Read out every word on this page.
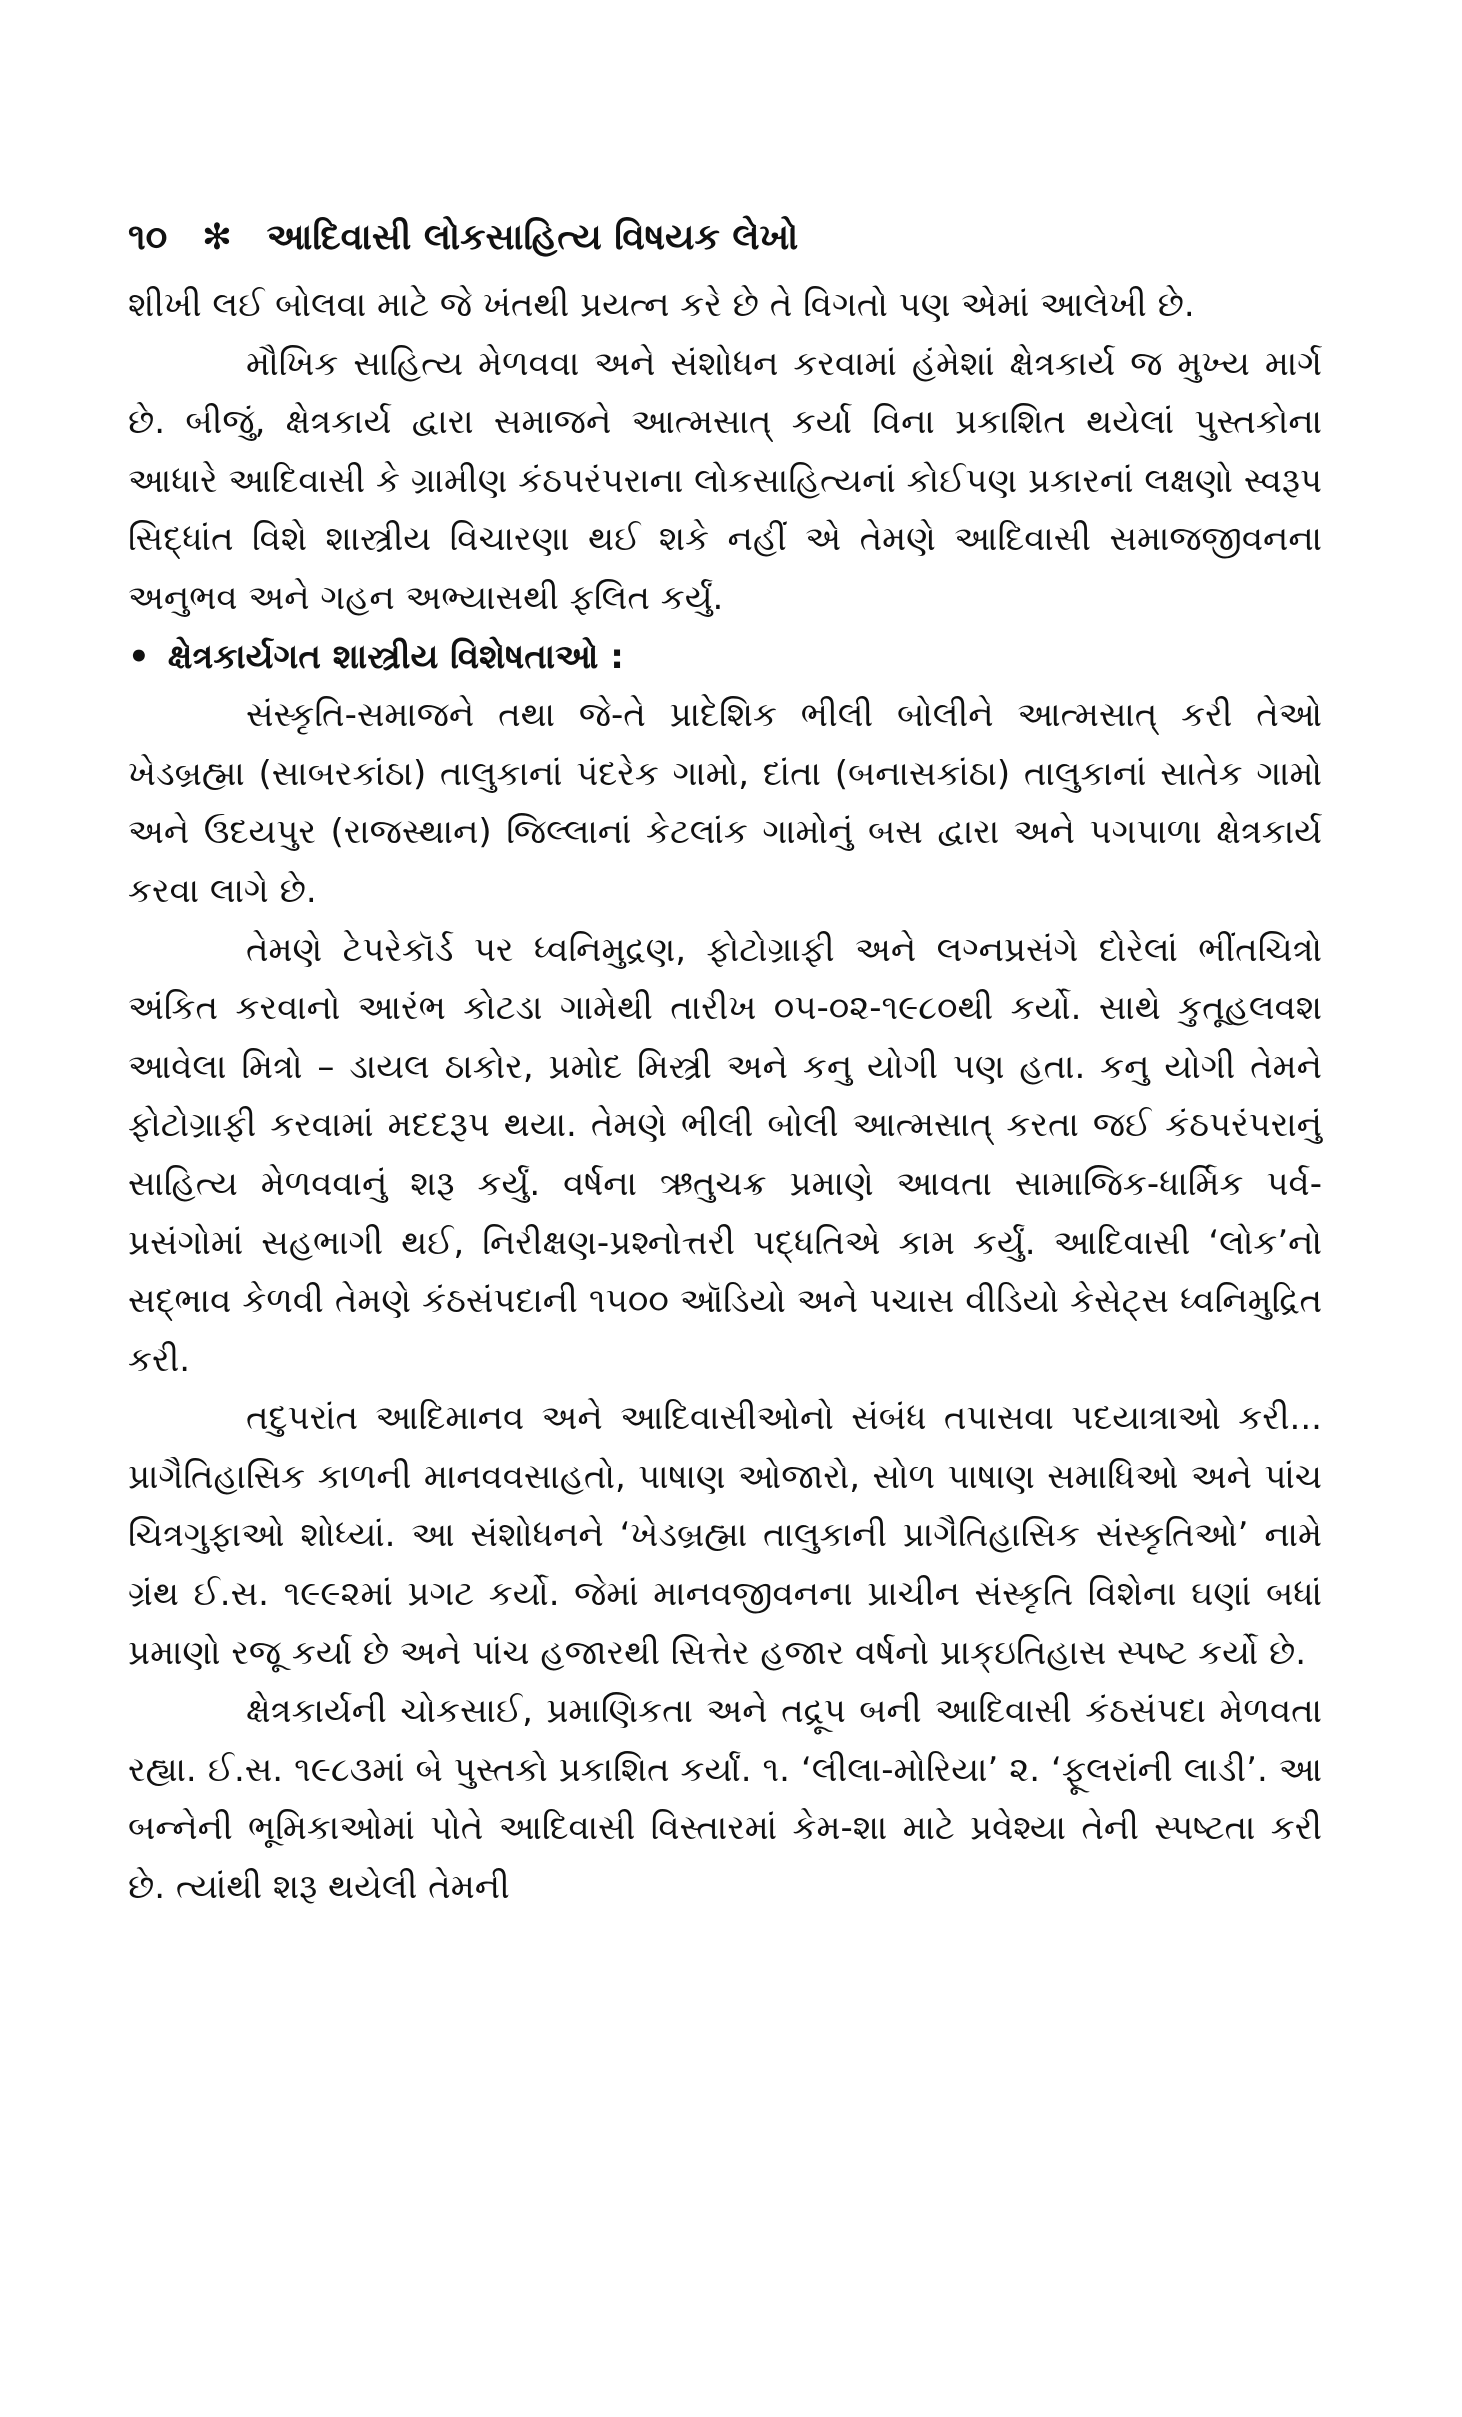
૧૦ ✻ આદિવાસી લોકસાહિત્ય વિષયક લેખો

શીખી લઈ બોલવા માટે જે ખંતથી પ્રયત્ન કરે છે તે વિગતો પણ એમાં આલેખી છે.

મૌખિક સાહિત્ય મેળવવા અને સંશોધન કરવામાં હંમેશાં ક્ષેત્રકાર્ય જ મુખ્ય માર્ગ છે. બીજું, ક્ષેત્રકાર્ય દ્વારા સમાજને આત્મસાત્ કર્યા વિના પ્રકાશિત થયેલાં પુસ્તકોના આધારે આદિવાસી કે ગ્રામીણ કંઠપરંપરાના લોકસાહિત્યનાં કોઈપણ પ્રકારનાં લક્ષણો સ્વરૂપ સિદ્ધાંત વિશે શાસ્ત્રીય વિચારણા થઈ શકે નહીં એ તેમણે આદિવાસી સમાજજીવનના અનુભવ અને ગહન અભ્યાસથી ફલિત કર્યું.

• ક્ષેત્રકાર્યગત શાસ્ત્રીય વિશેષતાઓ :

સંસ્કૃતિ-સમાજને તથા જે-તે પ્રાદેશિક ભીલી બોલીને આત્મસાત્ કરી તેઓ ખેડબ્રહ્મા (સાબરકાંઠા) તાલુકાનાં પંદરેક ગામો, દાંતા (બનાસકાંઠા) તાલુકાનાં સાતેક ગામો અને ઉદયપુર (રાજસ્થાન) જિલ્લાનાં કેટલાંક ગામોનું બસ દ્વારા અને પગપાળા ક્ષેત્રકાર્ય કરવા લાગે છે.

તેમણે ટેપરેકૉર્ડ પર ધ્વનિમુદ્રણ, ફોટોગ્રાફી અને લગ્નપ્રસંગે દોરેલાં ભીંતચિત્રો અંકિત કરવાનો આરંભ કોટડા ગામેથી તારીખ ૦૫-૦૨-૧૯૮૦થી કર્યો. સાથે કુતૂહલવશ આવેલા મિત્રો – ડાયલ ઠાકોર, પ્રમોદ મિસ્ત્રી અને કનુ યોગી પણ હતા. કનુ યોગી તેમને ફોટોગ્રાફી કરવામાં મદદરૂપ થયા. તેમણે ભીલી બોલી આત્મસાત્ કરતા જઈ કંઠપરંપરાનું સાહિત્ય મેળવવાનું શરૂ કર્યું. વર્ષના ઋતુચક્ર પ્રમાણે આવતા સામાજિક-ધાર્મિક પર્વ-પ્રસંગોમાં સહભાગી થઈ, નિરીક્ષણ-પ્રશ્નોત્તરી પદ્ધતિએ કામ કર્યું. આદિવાસી ‘લોક’નો સદ્ભાવ કેળવી તેમણે કંઠસંપદાની ૧૫૦૦ ઑડિયો અને પચાસ વીડિયો કેસેટ્સ ધ્વનિમુદ્રિત કરી.

તદુપરાંત આદિમાનવ અને આદિવાસીઓનો સંબંધ તપાસવા પદયાત્રાઓ કરી... પ્રાગૈતિહાસિક કાળની માનવવસાહતો, પાષાણ ઓજારો, સોળ પાષાણ સમાધિઓ અને પાંચ ચિત્રગુફાઓ શોધ્યાં. આ સંશોધનને ‘ખેડબ્રહ્મા તાલુકાની પ્રાગૈતિહાસિક સંસ્કૃતિઓ’ નામે ગ્રંથ ઈ.સ. ૧૯૯૨માં પ્રગટ કર્યો. જેમાં માનવજીવનના પ્રાચીન સંસ્કૃતિ વિશેના ઘણાં બધાં પ્રમાણો રજૂ કર્યા છે અને પાંચ હજારથી સિત્તેર હજાર વર્ષનો પ્રાક્ઇતિહાસ સ્પષ્ટ કર્યો છે.

ક્ષેત્રકાર્યની ચોકસાઈ, પ્રમાણિકતા અને તદ્રૂપ બની આદિવાસી કંઠસંપદા મેળવતા રહ્યા. ઈ.સ. ૧૯૮૩માં બે પુસ્તકો પ્રકાશિત કર્યાં. ૧. ‘લીલા-મોરિયા’ ૨. ‘ફૂલરાંની લાડી’. આ બન્નેની ભૂમિકાઓમાં પોતે આદિવાસી વિસ્તારમાં કેમ-શા માટે પ્રવેશ્યા તેની સ્પષ્ટતા કરી છે. ત્યાંથી શરૂ થયેલી તેમની
